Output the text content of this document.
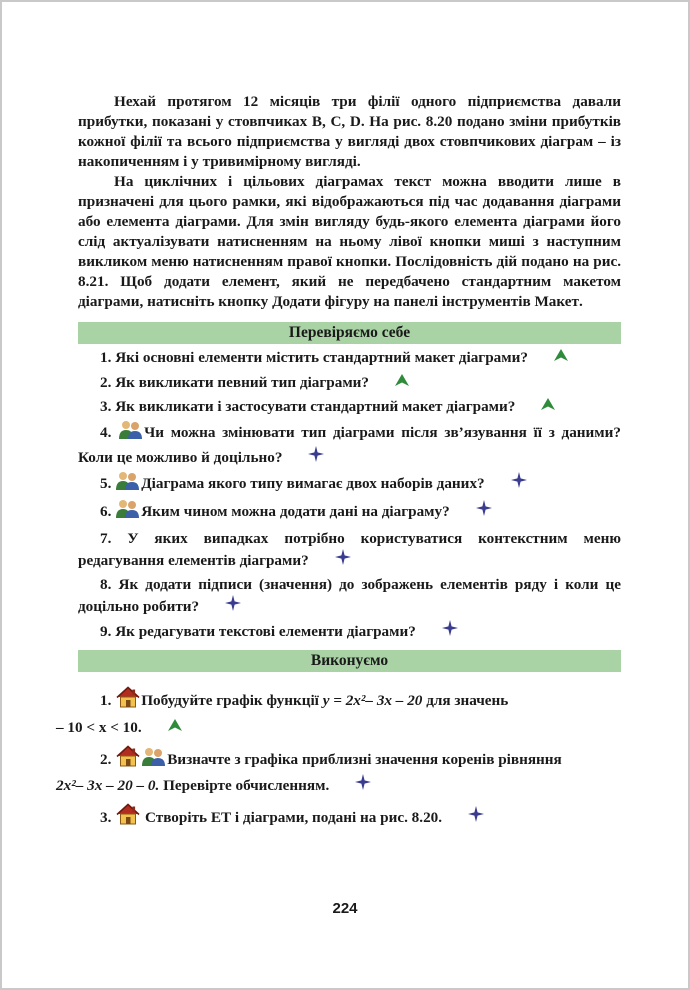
Нехай протягом 12 місяців три філії одного підприємства давали прибутки, показані у стовпчиках B, C, D. На рис. 8.20 подано зміни прибутків кожної філії та всього підприємства у вигляді двох стовпчикових діаграм – із накопиченням і у тривимірному вигляді.

На циклічних і цільових діаграмах текст можна вводити лише в призначені для цього рамки, які відображаються під час додавання діаграми або елемента діаграми. Для змін вигляду будь-якого елемента діаграми його слід актуалізувати натисненням на ньому лівої кнопки миші з наступним викликом меню натисненням правої кнопки. Послідовність дій подано на рис. 8.21. Щоб додати елемент, який не передбачено стандартним макетом діаграми, натисніть кнопку Додати фігуру на панелі інструментів Макет.

Перевіряємо себе

1. Які основні елементи містить стандартний макет діаграми?

2. Як викликати певний тип діаграми?

3. Як викликати і застосувати стандартний макет діаграми?

4. Чи можна змінювати тип діаграми після зв’язування її з даними? Коли це можливо й доцільно?

5. Діаграма якого типу вимагає двох наборів даних?

6. Яким чином можна додати дані на діаграму?

7. У яких випадках потрібно користуватися контекстним меню редагування елементів діаграми?

8. Як додати підписи (значення) до зображень елементів ряду і коли це доцільно робити?

9. Як редагувати текстові елементи діаграми?

Виконуємо

1. Побудуйте графік функції y = 2x²– 3x – 20 для значень
– 10 < x < 10.

2.	Визначте з графіка приблизні значення коренів рівняння
2x²– 3x – 20 – 0. Перевірте обчисленням.

3. Створіть ЕТ і діаграми, подані на рис. 8.20.

224
